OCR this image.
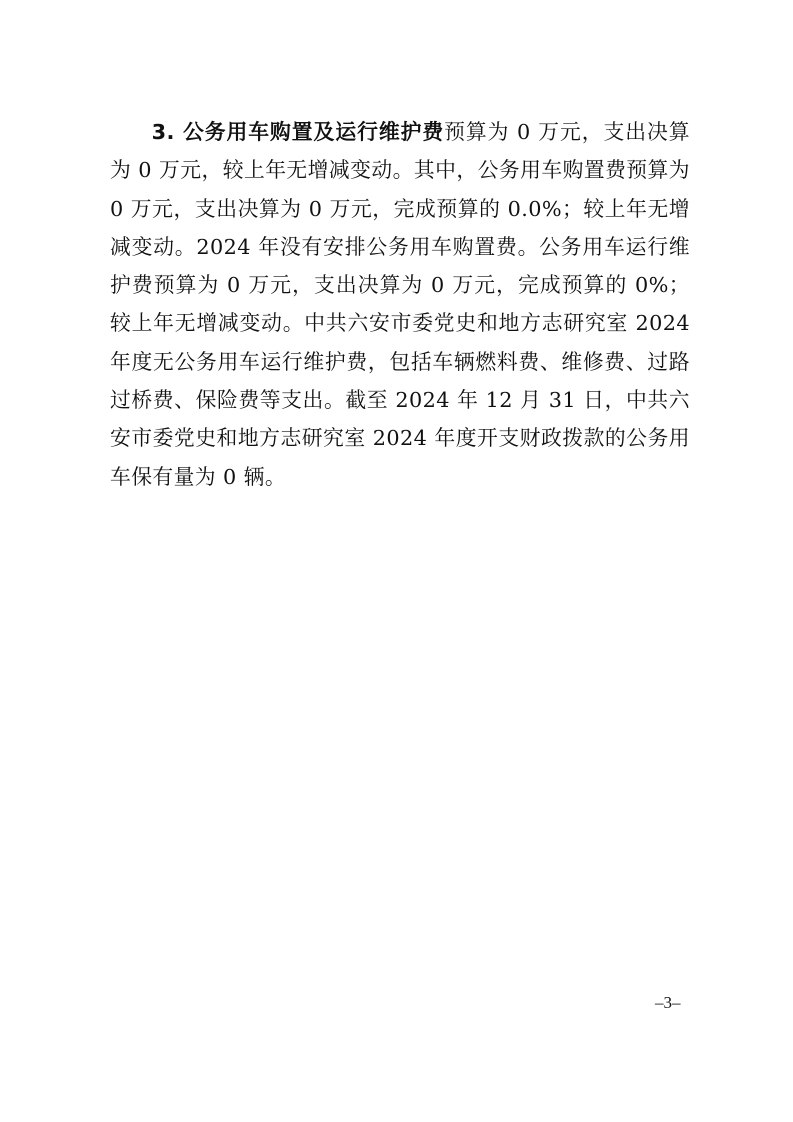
3. 公务用车购置及运行维护费预算为 0 万元，支出决算为 0 万元，较上年无增减变动。其中，公务用车购置费预算为 0 万元，支出决算为 0 万元，完成预算的 0.0%；较上年无增减变动。2024 年没有安排公务用车购置费。公务用车运行维护费预算为 0 万元，支出决算为 0 万元，完成预算的 0%；较上年无增减变动。中共六安市委党史和地方志研究室 2024 年度无公务用车运行维护费，包括车辆燃料费、维修费、过路过桥费、保险费等支出。截至 2024 年 12 月 31 日，中共六安市委党史和地方志研究室 2024 年度开支财政拨款的公务用车保有量为 0 辆。

–3–
